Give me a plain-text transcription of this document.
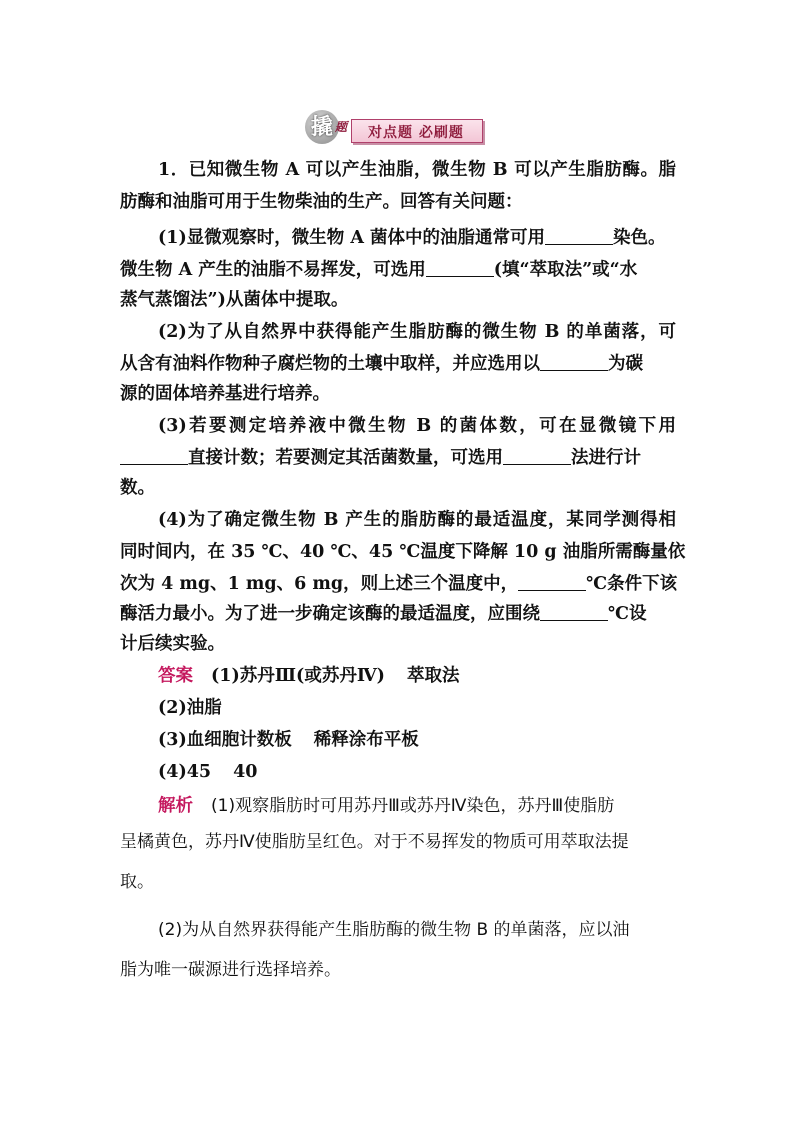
撬 题 对点题 必刷题
1．已知微生物 A 可以产生油脂，微生物 B 可以产生脂肪酶。脂
肪酶和油脂可用于生物柴油的生产。回答有关问题：
(1)显微观察时，微生物 A 菌体中的油脂通常可用	染色。
微生物 A 产生的油脂不易挥发，可选用	(填“萃取法”或“水
蒸气蒸馏法”)从菌体中提取。
(2)为了从自然界中获得能产生脂肪酶的微生物 B 的单菌落，可
从含有油料作物种子腐烂物的土壤中取样，并应选用以	为碳
源的固体培养基进行培养。
(3)若要测定培养液中微生物 B 的菌体数，可在显微镜下用
直接计数；若要测定其活菌数量，可选用	法进行计
数。
(4)为了确定微生物 B 产生的脂肪酶的最适温度，某同学测得相
同时间内，在 35 ℃、40 ℃、45 ℃温度下降解 10 g 油脂所需酶量依
次为 4 mg、1 mg、6 mg，则上述三个温度中，	℃条件下该
酶活力最小。为了进一步确定该酶的最适温度，应围绕	℃设
计后续实验。
答案 (1)苏丹Ⅲ(或苏丹Ⅳ) 萃取法
(2)油脂
(3)血细胞计数板 稀释涂布平板
(4)45 40
解析 (1)观察脂肪时可用苏丹Ⅲ或苏丹Ⅳ染色，苏丹Ⅲ使脂肪
呈橘黄色，苏丹Ⅳ使脂肪呈红色。对于不易挥发的物质可用萃取法提
取。
(2)为从自然界获得能产生脂肪酶的微生物 B 的单菌落，应以油
脂为唯一碳源进行选择培养。
